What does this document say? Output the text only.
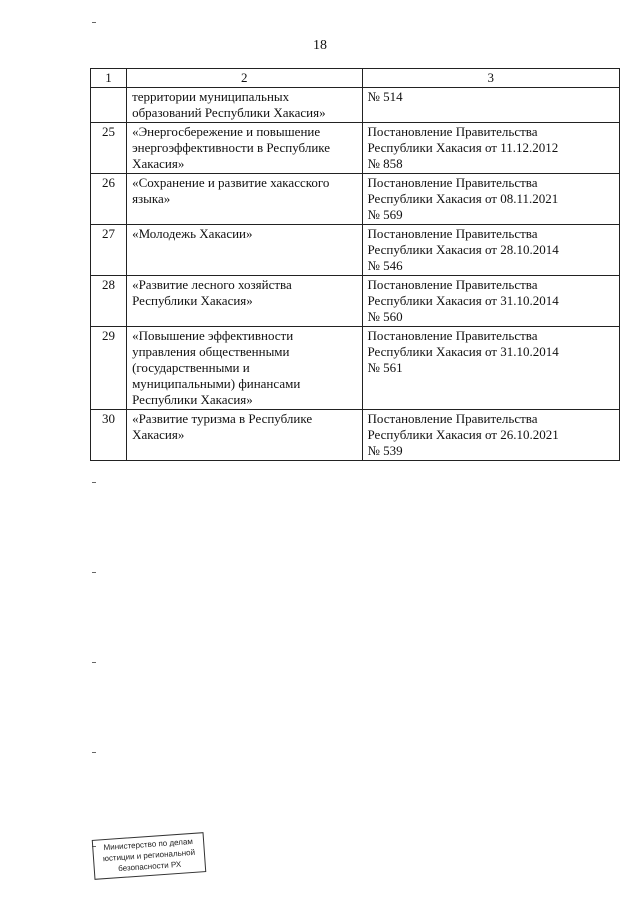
18
1	2	3
	территории муниципальных
образований Республики Хакасия»	№ 514
25	«Энергосбережение и повышение
энергоэффективности в Республике
Хакасия»	Постановление Правительства
Республики Хакасия от 11.12.2012
№ 858
26	«Сохранение и развитие хакасского
языка»	Постановление Правительства
Республики Хакасия от 08.11.2021
№ 569
27	«Молодежь Хакасии»	Постановление Правительства
Республики Хакасия от 28.10.2014
№ 546
28	«Развитие лесного хозяйства
Республики Хакасия»	Постановление Правительства
Республики Хакасия от 31.10.2014
№ 560
29	«Повышение эффективности
управления общественными
(государственными и
муниципальными) финансами
Республики Хакасия»	Постановление Правительства
Республики Хакасия от 31.10.2014
№ 561
30	«Развитие туризма в Республике
Хакасия»	Постановление Правительства
Республики Хакасия от 26.10.2021
№ 539
Министерство по делам
юстиции и региональной
безопасности РХ
